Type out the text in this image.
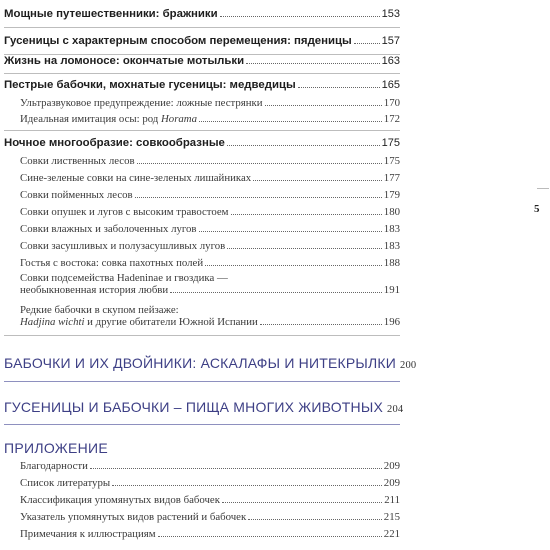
Мощные путешественники: бражники	153
Гусеницы с характерным способом перемещения: пяденицы	157
Жизнь на ломоносе: окончатые мотыльки	163
Пестрые бабочки, мохнатые гусеницы: медведицы	165
Ультразвуковое предупреждение: ложные пестрянки	170
Идеальная имитация осы: род Horama	172
Ночное многообразие: совкообразные	175
Совки лиственных лесов	175
Сине-зеленые совки на сине-зеленых лишайниках	177
Совки пойменных лесов	179
Совки опушек и лугов с высоким травостоем	180
Совки влажных и заболоченных лугов	183
Совки засушливых и полузасушливых лугов	183
Гостья с востока: совка пахотных полей	188
Совки подсемейства Hadeninae и гвоздика —
необыкновенная история любви	191
Редкие бабочки в скупом пейзаже:
Hadjina wichti и другие обитатели Южной Испании	196
БАБОЧКИ И ИХ ДВОЙНИКИ: АСКАЛАФЫ И НИТЕКРЫЛКИ 200
ГУСЕНИЦЫ И БАБОЧКИ – ПИЩА МНОГИХ ЖИВОТНЫХ 204
ПРИЛОЖЕНИЕ
Благодарности	209
Список литературы	209
Классификация упомянутых видов бабочек	211
Указатель упомянутых видов растений и бабочек	215
Примечания к иллюстрациям	221
5
